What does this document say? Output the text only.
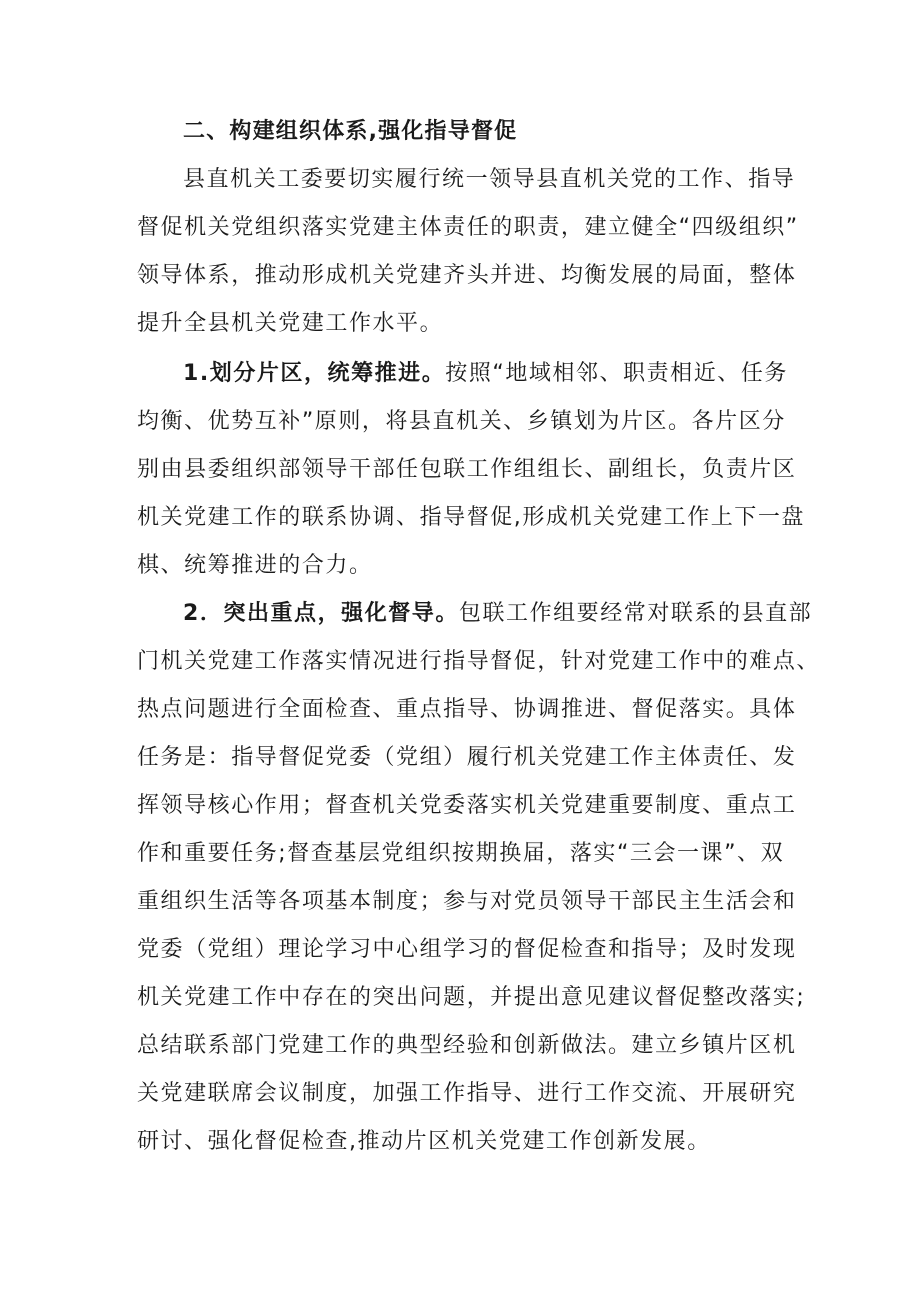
二、构建组织体系,强化指导督促
县直机关工委要切实履行统一领导县直机关党的工作、指导
督促机关党组织落实党建主体责任的职责，建立健全“四级组织”
领导体系，推动形成机关党建齐头并进、均衡发展的局面，整体
提升全县机关党建工作水平。
1.划分片区，统筹推进。按照“地域相邻、职责相近、任务
均衡、优势互补”原则，将县直机关、乡镇划为片区。各片区分
别由县委组织部领导干部任包联工作组组长、副组长，负责片区
机关党建工作的联系协调、指导督促,形成机关党建工作上下一盘
棋、统筹推进的合力。
2．突出重点，强化督导。包联工作组要经常对联系的县直部
门机关党建工作落实情况进行指导督促，针对党建工作中的难点、
热点问题进行全面检查、重点指导、协调推进、督促落实。具体
任务是：指导督促党委（党组）履行机关党建工作主体责任、发
挥领导核心作用；督查机关党委落实机关党建重要制度、重点工
作和重要任务;督查基层党组织按期换届，落实“三会一课”、双
重组织生活等各项基本制度；参与对党员领导干部民主生活会和
党委（党组）理论学习中心组学习的督促检查和指导；及时发现
机关党建工作中存在的突出问题，并提出意见建议督促整改落实;
总结联系部门党建工作的典型经验和创新做法。建立乡镇片区机
关党建联席会议制度，加强工作指导、进行工作交流、开展研究
研讨、强化督促检查,推动片区机关党建工作创新发展。
